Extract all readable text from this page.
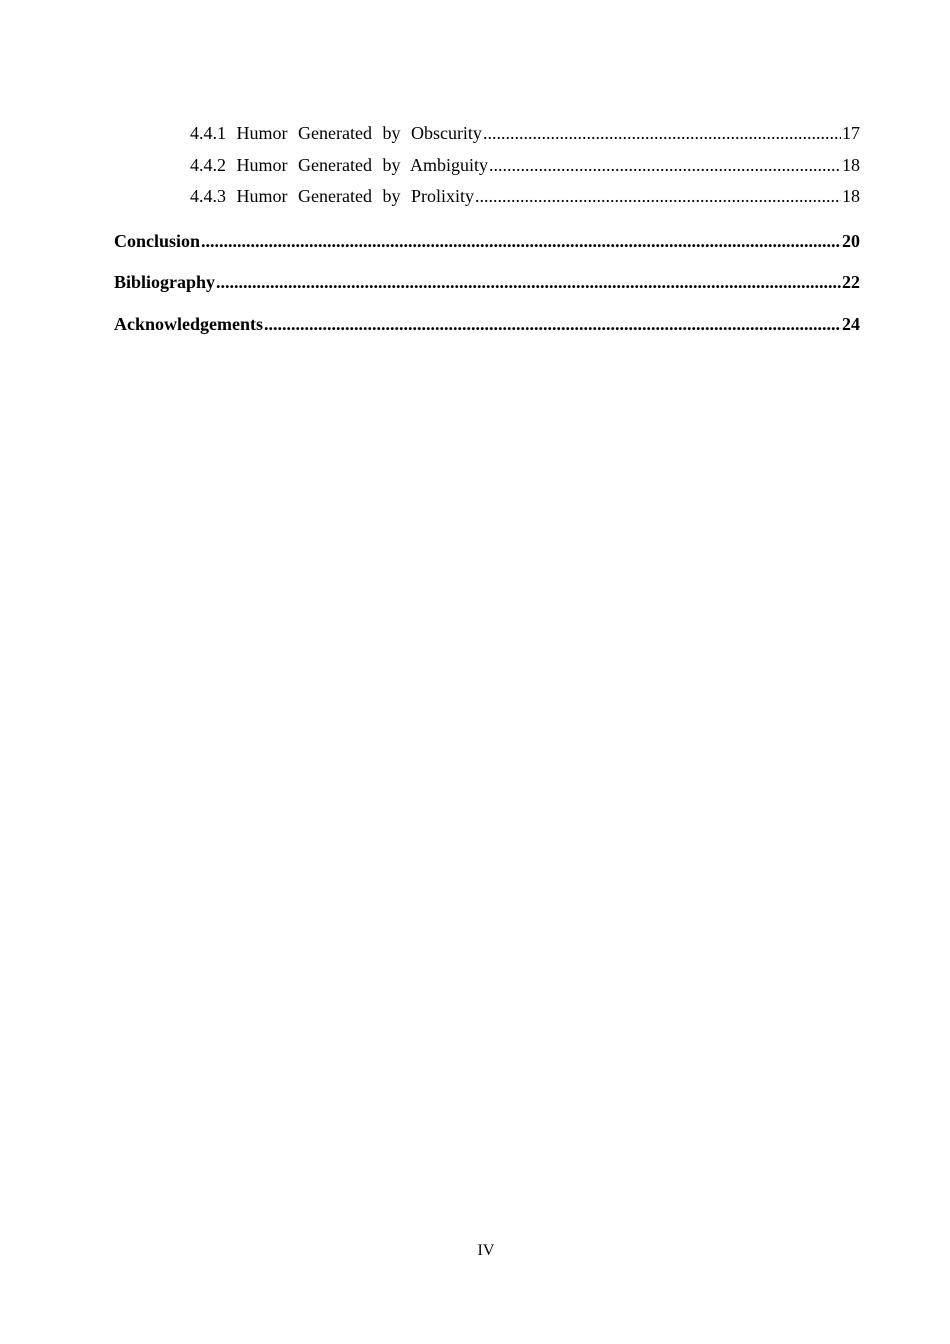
4.4.1 Humor Generated by Obscurity .....	17
4.4.2 Humor Generated by Ambiguity .....	18
4.4.3 Humor Generated by Prolixity .....	18
Conclusion .....	20
Bibliography .....	22
Acknowledgements .....	24
IV
